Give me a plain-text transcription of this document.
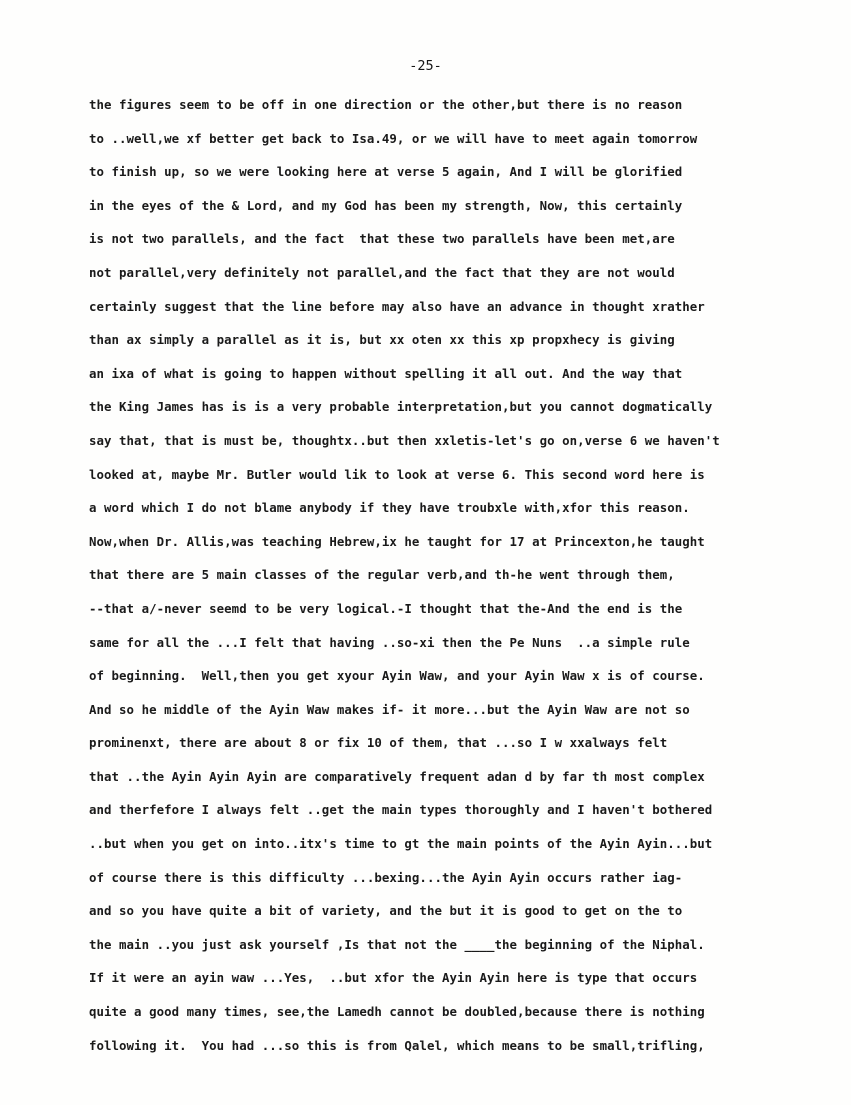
-25-
the figures seem to be off in one direction or the other,but there is no reason
to ..well,we xf better get back to Isa.49, or we will have to meet again tomorrow
to finish up, so we were looking here at verse 5 again, And I will be glorified
in the eyes of the & Lord, and my God has been my strength, Now, this certainly
is not two parallels, and the fact  that these two parallels have been met,are
not parallel,very definitely not parallel,and the fact that they are not would
certainly suggest that the line before may also have an advance in thought xrather
than ax simply a parallel as it is, but xx oten xx this xp propxhecy is giving
an ixa of what is going to happen without spelling it all out. And the way that
the King James has is is a very probable interpretation,but you cannot dogmatically
say that, that is must be, thoughtx..but then xxletis-let's go on,verse 6 we haven't
looked at, maybe Mr. Butler would lik to look at verse 6. This second word here is
a word which I do not blame anybody if they have troubxle with,xfor this reason.
Now,when Dr. Allis,was teaching Hebrew,ix he taught for 17 at Princexton,he taught
that there are 5 main classes of the regular verb,and th-he went through them,
--that a/-never seemd to be very logical.-I thought that the-And the end is the
same for all the ...I felt that having ..so-xi then the Pe Nuns  ..a simple rule
of beginning.  Well,then you get xyour Ayin Waw, and your Ayin Waw x is of course.
And so he middle of the Ayin Waw makes if- it more...but the Ayin Waw are not so
prominenxt, there are about 8 or fix 10 of them, that ...so I w xxalways felt
that ..the Ayin Ayin Ayin are comparatively frequent adan d by far th most complex
and therfefore I always felt ..get the main types thoroughly and I haven't bothered
..but when you get on into..itx's time to gt the main points of the Ayin Ayin...but
of course there is this difficulty ...bexing...the Ayin Ayin occurs rather iag-
and so you have quite a bit of variety, and the but it is good to get on the to
the main ..you just ask yourself ,Is that not the ____the beginning of the Niphal.
If it were an ayin waw ...Yes,  ..but xfor the Ayin Ayin here is type that occurs
quite a good many times, see,the Lamedh cannot be doubled,because there is nothing
following it.  You had ...so this is from Qalel, which means to be small,trifling,
